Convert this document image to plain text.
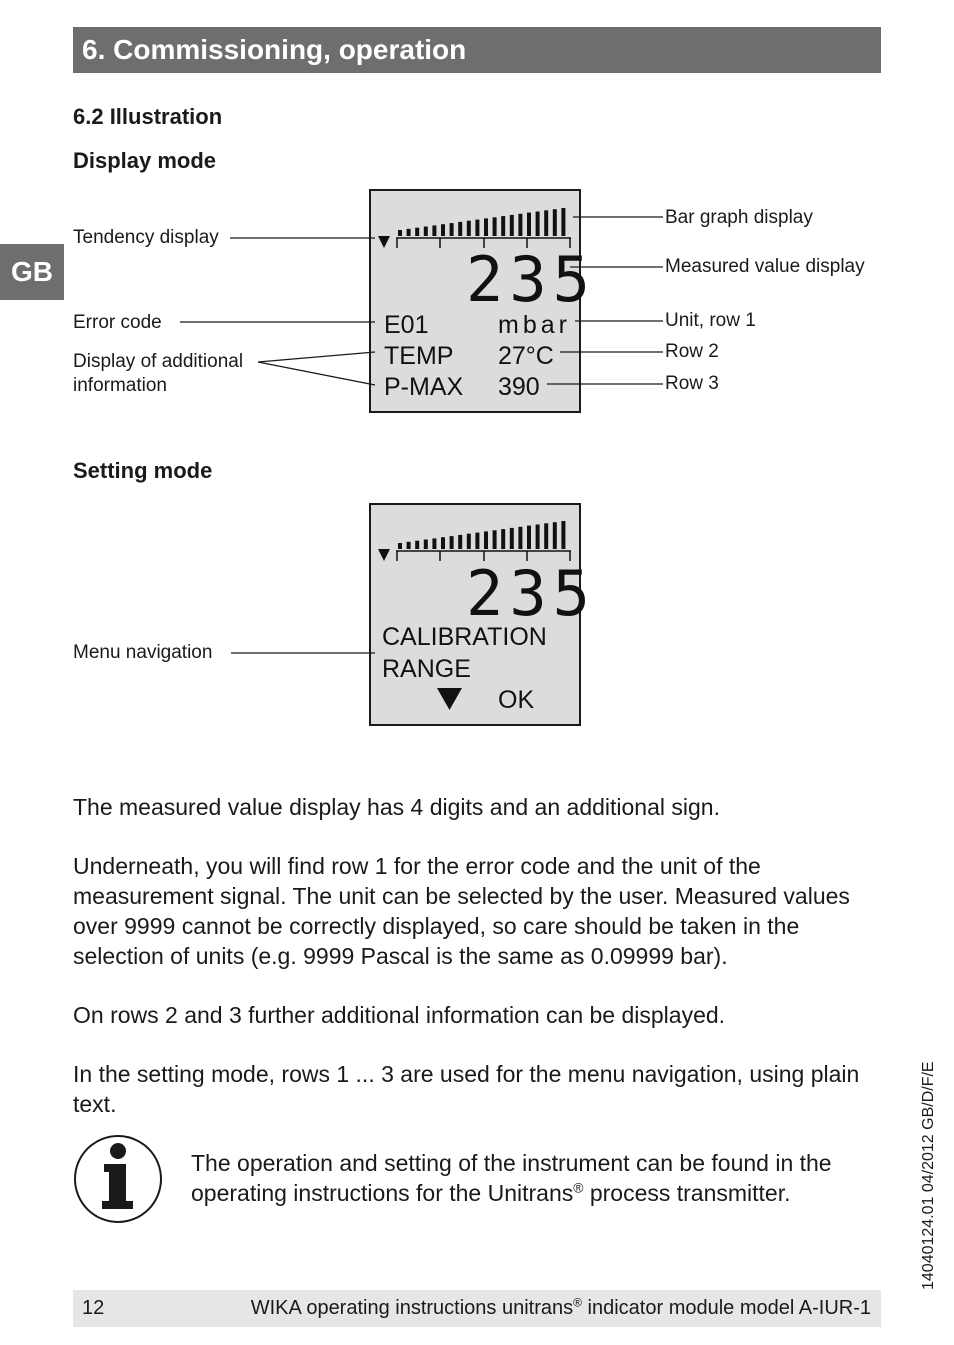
6. Commissioning, operation
GB
6.2 Illustration
Display mode
235
E01	mbar
TEMP 27°C
P-MAX 390
235
CALIBRATION
RANGE
OK
Tendency display
Error code
Display of additional
information
Bar graph display
Measured value display
Unit, row 1
Row 2
Row 3
Setting mode
Menu navigation
The measured value display has 4 digits and an additional sign.
Underneath, you will find row 1 for the error code and the unit of the measurement signal. The unit can be selected by the user. Measured values over 9999 cannot be correctly displayed, so care should be taken in the selection of units (e.g. 9999 Pascal is the same as 0.09999 bar).
On rows 2 and 3 further additional information can be displayed.
In the setting mode, rows 1 ... 3 are used for the menu navigation, using plain text.
The operation and setting of the instrument can be found in the operating instructions for the Unitrans® process transmitter.	14040124.01 04/2012 GB/D/F/E
12	WIKA operating instructions unitrans® indicator module model A-IUR-1
